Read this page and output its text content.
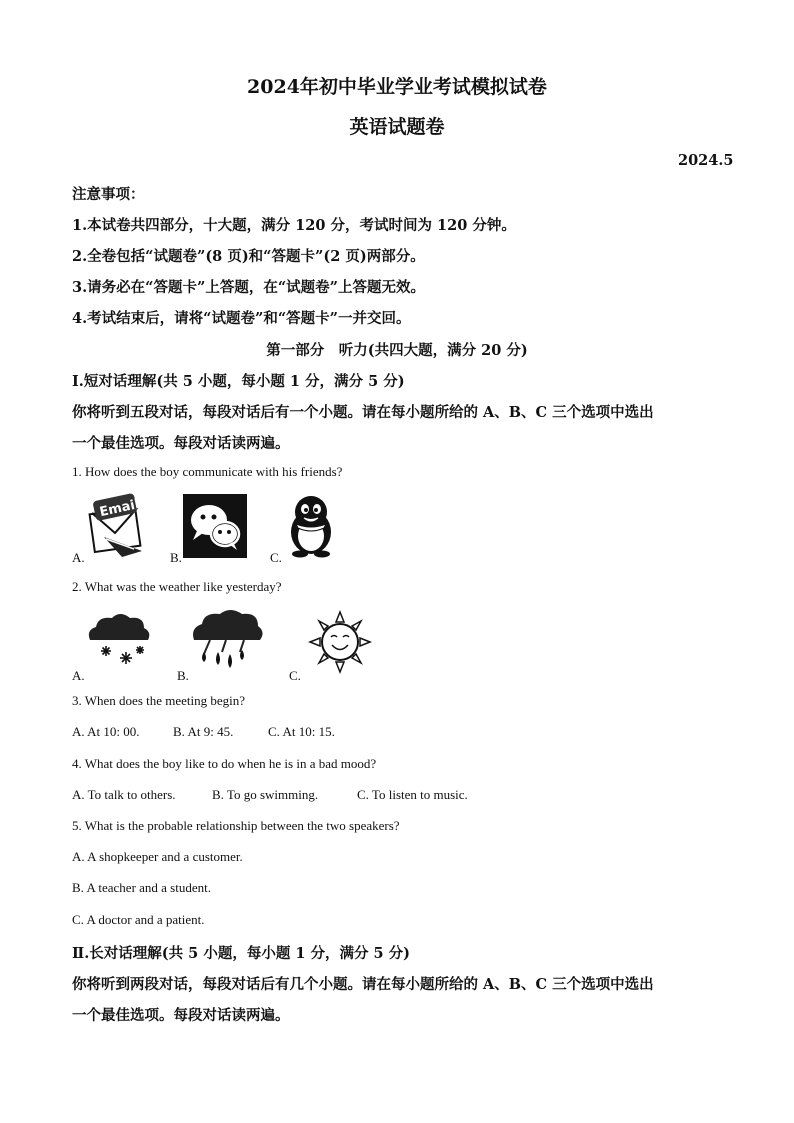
2024年初中毕业学业考试模拟试卷
英语试题卷
2024.5
注意事项：
1.本试卷共四部分，十大题，满分 120 分，考试时间为 120 分钟。
2.全卷包括“试题卷”(8 页)和“答题卡”(2 页)两部分。
3.请务必在“答题卡”上答题，在“试题卷”上答题无效。
4.考试结束后，请将“试题卷”和“答题卡”一并交回。
第一部分　听力(共四大题，满分 20 分)
Ⅰ.短对话理解(共 5 小题，每小题 1 分，满分 5 分)
你将听到五段对话，每段对话后有一个小题。请在每小题所给的 A、B、C 三个选项中选出
一个最佳选项。每段对话读两遍。
1. How does the boy communicate with his friends?
Email
A.	B.	C.
2. What was the weather like yesterday?
A.	B.	C.
3. When does the meeting begin?
A. At 10: 00.	B. At 9: 45.	C. At 10: 15.
4. What does the boy like to do when he is in a bad mood?
A. To talk to others.	B. To go swimming.	C. To listen to music.
5. What is the probable relationship between the two speakers?
A. A shopkeeper and a customer.
B. A teacher and a student.
C. A doctor and a patient.
Ⅱ.长对话理解(共 5 小题，每小题 1 分，满分 5 分)
你将听到两段对话，每段对话后有几个小题。请在每小题所给的 A、B、C 三个选项中选出
一个最佳选项。每段对话读两遍。
